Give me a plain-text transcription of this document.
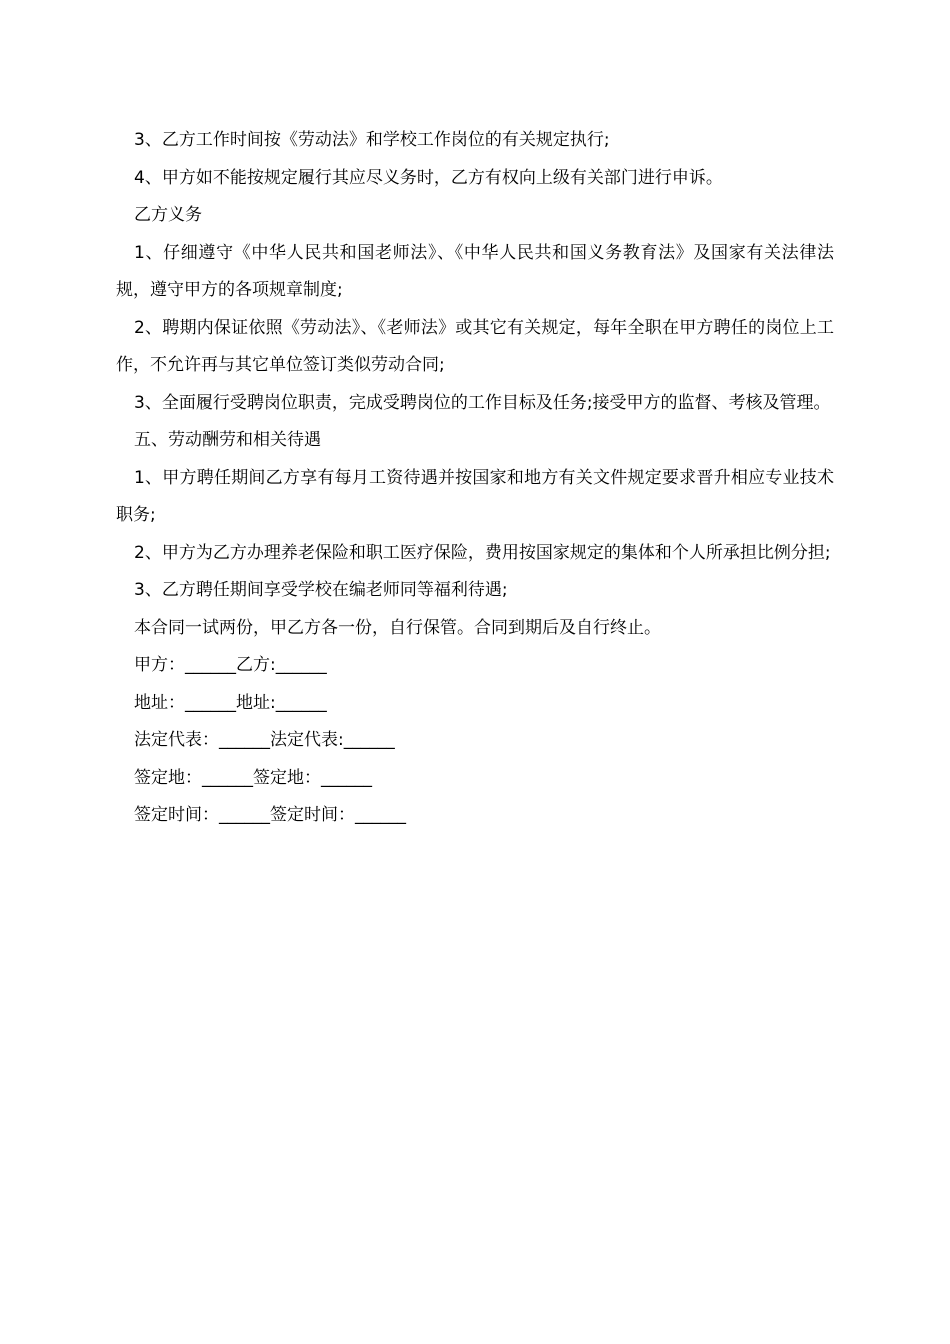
3、乙方工作时间按《劳动法》和学校工作岗位的有关规定执行;

4、甲方如不能按规定履行其应尽义务时，乙方有权向上级有关部门进行申诉。

乙方义务

1、仔细遵守《中华人民共和国老师法》、《中华人民共和国义务教育法》及国家有关法律法规，遵守甲方的各项规章制度;

2、聘期内保证依照《劳动法》、《老师法》或其它有关规定，每年全职在甲方聘任的岗位上工作，不允许再与其它单位签订类似劳动合同;

3、全面履行受聘岗位职责，完成受聘岗位的工作目标及任务;接受甲方的监督、考核及管理。

五、劳动酬劳和相关待遇

1、甲方聘任期间乙方享有每月工资待遇并按国家和地方有关文件规定要求晋升相应专业技术职务;

2、甲方为乙方办理养老保险和职工医疗保险，费用按国家规定的集体和个人所承担比例分担;

3、乙方聘任期间享受学校在编老师同等福利待遇;

本合同一试两份，甲乙方各一份，自行保管。合同到期后及自行终止。

甲方：______乙方:______

地址：______地址:______

法定代表：______法定代表:______

签定地：______签定地：______

签定时间：______签定时间：______
